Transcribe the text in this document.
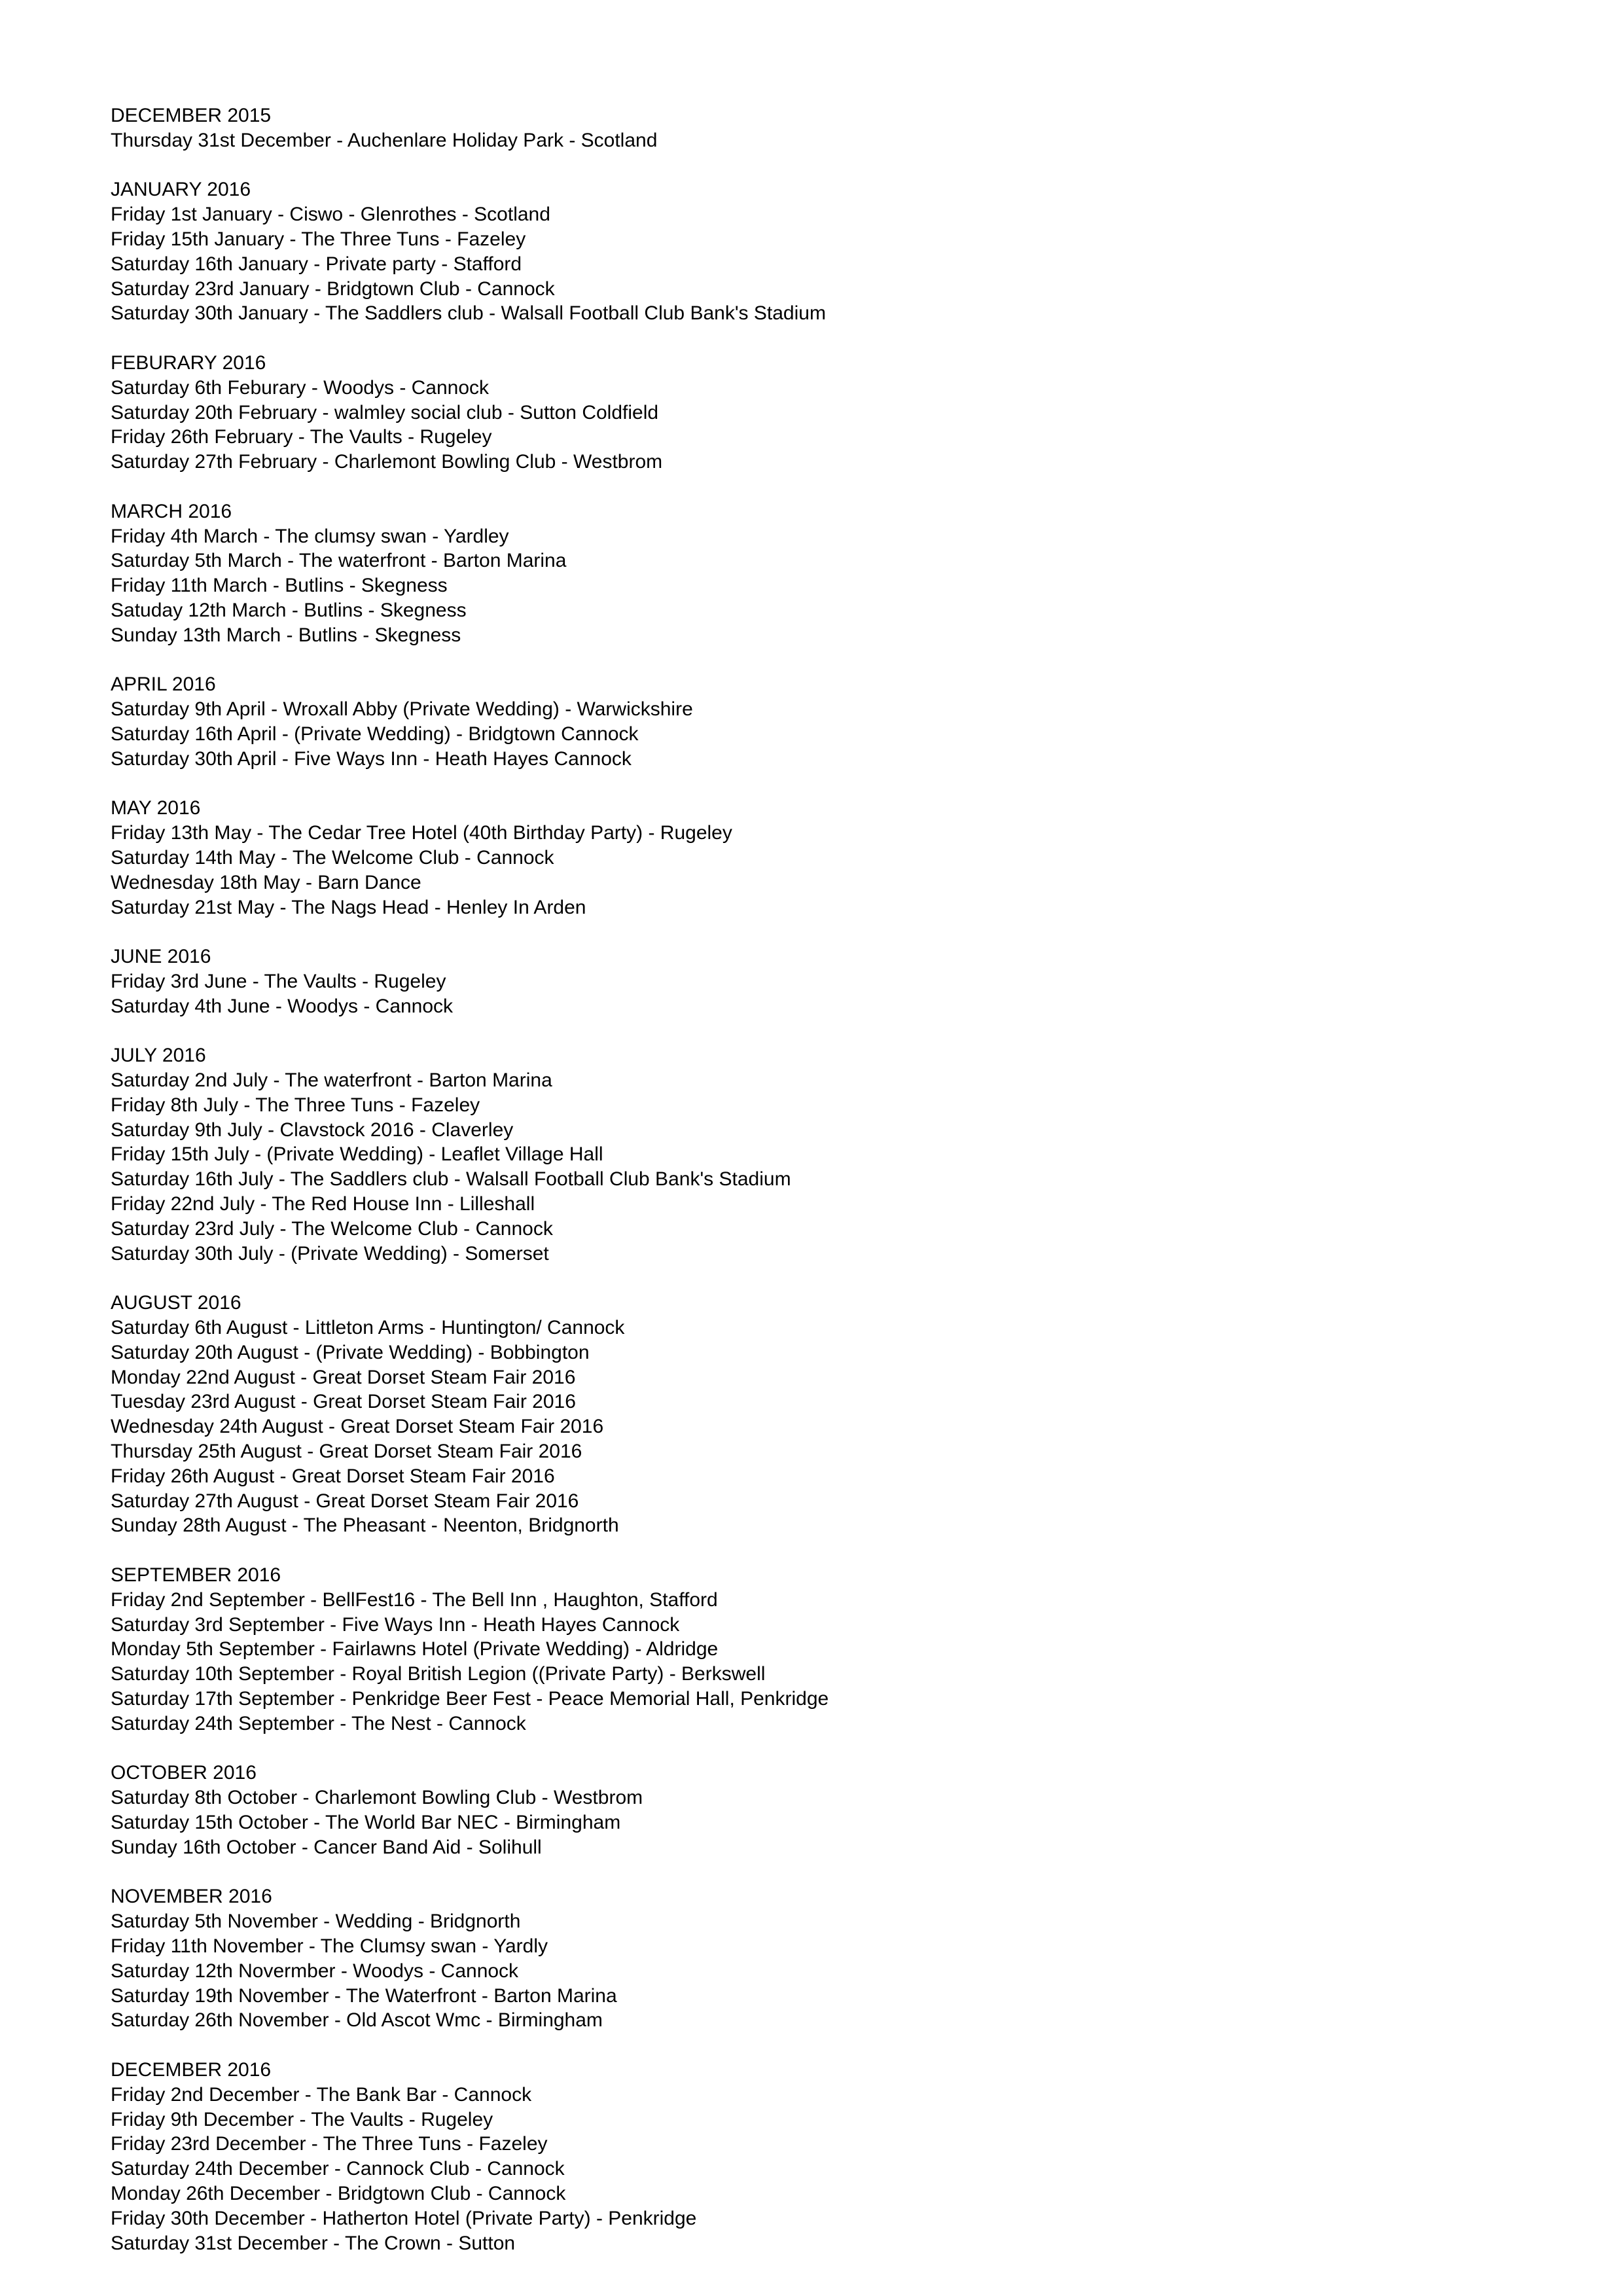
DECEMBER 2015
Thursday 31st December - Auchenlare Holiday Park - Scotland
JANUARY 2016
Friday 1st January - Ciswo - Glenrothes - Scotland
Friday 15th January - The Three Tuns - Fazeley
Saturday 16th January - Private party - Stafford
Saturday 23rd January - Bridgtown Club - Cannock
Saturday 30th January - The Saddlers club - Walsall Football Club Bank's Stadium
FEBURARY 2016
Saturday 6th Feburary - Woodys - Cannock
Saturday 20th February - walmley social club - Sutton Coldfield
Friday 26th February - The Vaults - Rugeley
Saturday 27th February - Charlemont Bowling Club - Westbrom
MARCH 2016
Friday 4th March - The clumsy swan - Yardley
Saturday 5th March - The waterfront - Barton Marina
Friday 11th March - Butlins - Skegness
Satuday 12th March - Butlins - Skegness
Sunday 13th March - Butlins - Skegness
APRIL 2016
Saturday 9th April - Wroxall Abby (Private Wedding) - Warwickshire
Saturday 16th April - (Private Wedding) - Bridgtown Cannock
Saturday 30th April - Five Ways Inn - Heath Hayes Cannock
MAY 2016
Friday 13th May - The Cedar Tree Hotel (40th Birthday Party) - Rugeley
Saturday 14th May - The Welcome Club - Cannock
Wednesday 18th May - Barn Dance
Saturday 21st May - The Nags Head - Henley In Arden
JUNE 2016
Friday 3rd June - The Vaults - Rugeley
Saturday 4th June - Woodys - Cannock
JULY 2016
Saturday 2nd July - The waterfront - Barton Marina
Friday 8th July - The Three Tuns - Fazeley
Saturday 9th July - Clavstock 2016 - Claverley
Friday 15th July - (Private Wedding) - Leaflet Village Hall
Saturday 16th July - The Saddlers club - Walsall Football Club Bank's Stadium
Friday 22nd July - The Red House Inn - Lilleshall
Saturday 23rd July - The Welcome Club - Cannock
Saturday 30th July - (Private Wedding) - Somerset
AUGUST 2016
Saturday 6th August - Littleton Arms - Huntington/ Cannock
Saturday 20th August - (Private Wedding) - Bobbington
Monday 22nd August - Great Dorset Steam Fair 2016
Tuesday 23rd August - Great Dorset Steam Fair 2016
Wednesday 24th August - Great Dorset Steam Fair 2016
Thursday 25th August - Great Dorset Steam Fair 2016
Friday 26th August - Great Dorset Steam Fair 2016
Saturday 27th August - Great Dorset Steam Fair 2016
Sunday 28th August - The Pheasant - Neenton, Bridgnorth
SEPTEMBER 2016
Friday 2nd September - BellFest16 - The Bell Inn , Haughton, Stafford
Saturday 3rd September - Five Ways Inn - Heath Hayes Cannock
Monday 5th September - Fairlawns Hotel (Private Wedding) - Aldridge
Saturday 10th September - Royal British Legion ((Private Party) - Berkswell
Saturday 17th September - Penkridge Beer Fest - Peace Memorial Hall, Penkridge
Saturday 24th September - The Nest - Cannock
OCTOBER 2016
Saturday 8th October - Charlemont Bowling Club - Westbrom
Saturday 15th October - The World Bar NEC - Birmingham
Sunday 16th October - Cancer Band Aid - Solihull
NOVEMBER 2016
Saturday 5th November - Wedding - Bridgnorth
Friday 11th November - The Clumsy swan - Yardly
Saturday 12th Novermber - Woodys - Cannock
Saturday 19th November - The Waterfront - Barton Marina
Saturday 26th November - Old Ascot Wmc - Birmingham
DECEMBER 2016
Friday 2nd December - The Bank Bar - Cannock
Friday 9th December - The Vaults - Rugeley
Friday 23rd December - The Three Tuns - Fazeley
Saturday 24th December - Cannock Club - Cannock
Monday 26th December - Bridgtown Club - Cannock
Friday 30th December - Hatherton Hotel (Private Party) - Penkridge
Saturday 31st December - The Crown - Sutton
